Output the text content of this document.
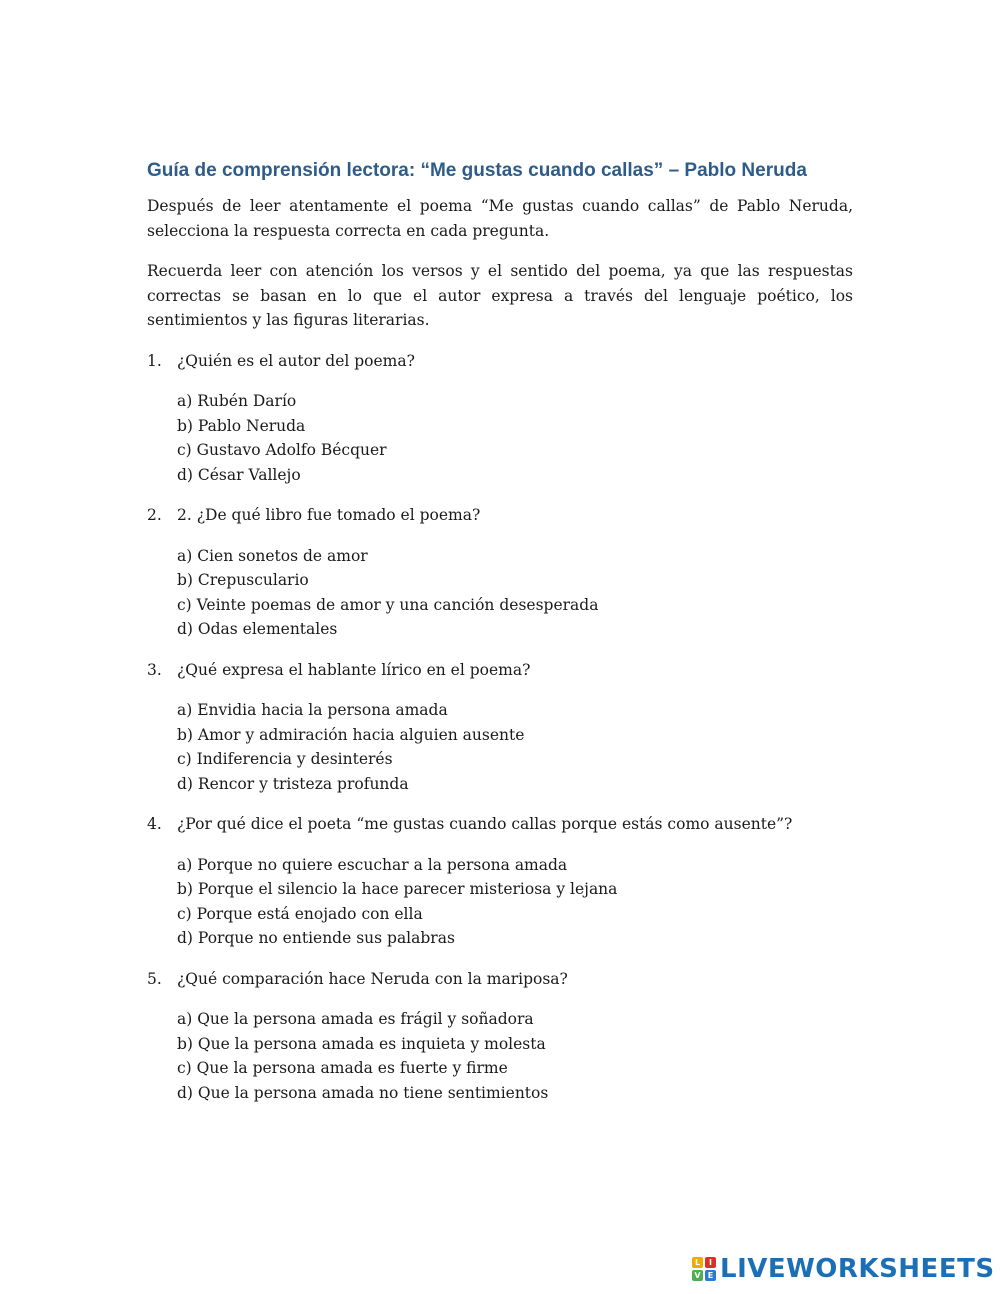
Guía de comprensión lectora: “Me gustas cuando callas” – Pablo Neruda

Después de leer atentamente el poema “Me gustas cuando callas” de Pablo Neruda, selecciona la respuesta correcta en cada pregunta.

Recuerda leer con atención los versos y el sentido del poema, ya que las respuestas correctas se basan en lo que el autor expresa a través del lenguaje poético, los sentimientos y las figuras literarias.

1. ¿Quién es el autor del poema?
a) Rubén Darío
b) Pablo Neruda
c) Gustavo Adolfo Bécquer
d) César Vallejo
2. 2. ¿De qué libro fue tomado el poema?
a) Cien sonetos de amor
b) Crepusculario
c) Veinte poemas de amor y una canción desesperada
d) Odas elementales
3. ¿Qué expresa el hablante lírico en el poema?
a) Envidia hacia la persona amada
b) Amor y admiración hacia alguien ausente
c) Indiferencia y desinterés
d) Rencor y tristeza profunda
4. ¿Por qué dice el poeta “me gustas cuando callas porque estás como ausente”?
a) Porque no quiere escuchar a la persona amada
b) Porque el silencio la hace parecer misteriosa y lejana
c) Porque está enojado con ella
d) Porque no entiende sus palabras
5. ¿Qué comparación hace Neruda con la mariposa?
a) Que la persona amada es frágil y soñadora
b) Que la persona amada es inquieta y molesta
c) Que la persona amada es fuerte y firme
d) Que la persona amada no tiene sentimientos
L	I
V E LIVEWORKSHEETS
